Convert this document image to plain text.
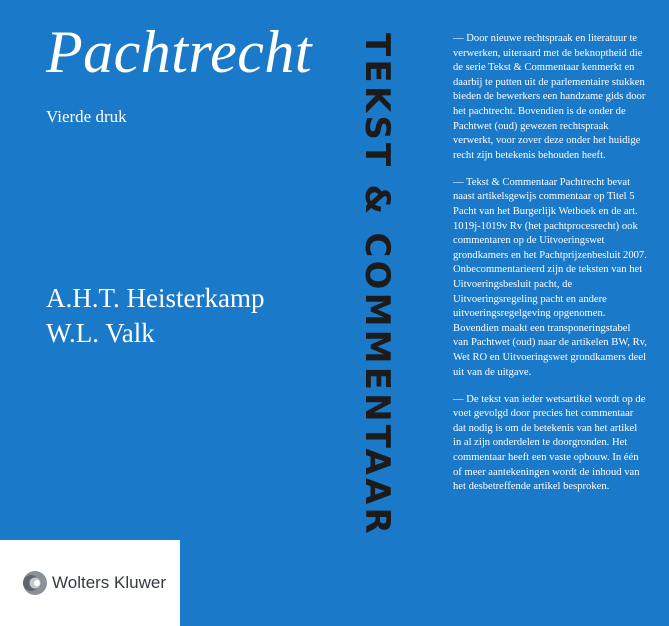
Pachtrecht
Vierde druk
A.H.T. Heisterkamp
W.L. Valk
Wolters Kluwer
TEKST & COMMENTAAR	— Door nieuwe rechtspraak en literatuur te verwerken, uiteraard met de beknoptheid die de serie Tekst & Commentaar kenmerkt en daarbij te putten uit de parlementaire stukken bieden de bewerkers een handzame gids door het pachtrecht. Bovendien is de onder de Pachtwet (oud) gewezen rechtspraak verwerkt, voor zover deze onder het huidige recht zijn betekenis behouden heeft.

— Tekst & Commentaar Pachtrecht bevat naast artikelsgewijs commentaar op Titel 5 Pacht van het Burgerlijk Wetboek en de art. 1019j-1019v Rv (het pachtprocesrecht) ook commentaren op de Uitvoeringswet grondkamers en het Pachtprijzenbesluit 2007. Onbecommentarieerd zijn de teksten van het Uitvoeringsbesluit pacht, de Uitvoeringsregeling pacht en andere uitvoeringsregelgeving opgenomen. Bovendien maakt een transponeringstabel van Pachtwet (oud) naar de artikelen BW, Rv, Wet RO en Uitvoeringswet grondkamers deel uit van de uitgave.

— De tekst van ieder wetsartikel wordt op de voet gevolgd door precies het commentaar dat nodig is om de betekenis van het artikel in al zijn onderdelen te doorgronden. Het commentaar heeft een vaste opbouw. In één of meer aantekeningen wordt de inhoud van het desbetreffende artikel besproken.
